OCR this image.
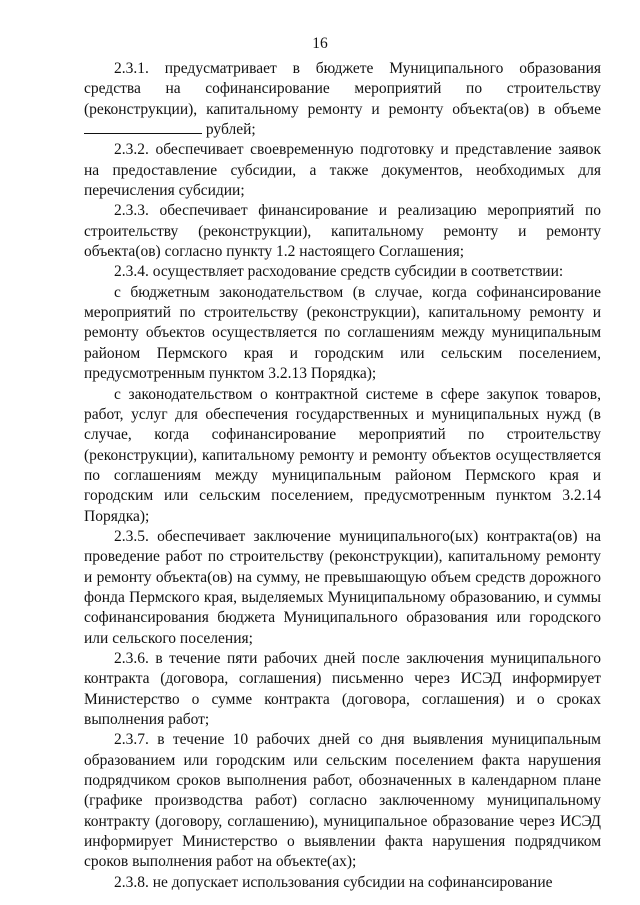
16

2.3.1. предусматривает в бюджете Муниципального образования средства на софинансирование мероприятий по строительству (реконструкции), капитальному ремонту и ремонту объекта(ов) в объеме  рублей;

2.3.2. обеспечивает своевременную подготовку и представление заявок на предоставление субсидии, а также документов, необходимых для перечисления субсидии;

2.3.3. обеспечивает финансирование и реализацию мероприятий по строительству (реконструкции), капитальному ремонту и ремонту объекта(ов) согласно пункту 1.2 настоящего Соглашения;

2.3.4. осуществляет расходование средств субсидии в соответствии:

с бюджетным законодательством (в случае, когда софинансирование мероприятий по строительству (реконструкции), капитальному ремонту и ремонту объектов осуществляется по соглашениям между муниципальным районом Пермского края и городским или сельским поселением, предусмотренным пунктом 3.2.13 Порядка);

с законодательством о контрактной системе в сфере закупок товаров, работ, услуг для обеспечения государственных и муниципальных нужд (в случае, когда софинансирование мероприятий по строительству (реконструкции), капитальному ремонту и ремонту объектов осуществляется по соглашениям между муниципальным районом Пермского края и городским или сельским поселением, предусмотренным пунктом 3.2.14 Порядка);

2.3.5. обеспечивает заключение муниципального(ых) контракта(ов) на проведение работ по строительству (реконструкции), капитальному ремонту и ремонту объекта(ов) на сумму, не превышающую объем средств дорожного фонда Пермского края, выделяемых Муниципальному образованию, и суммы софинансирования бюджета Муниципального образования или городского или сельского поселения;

2.3.6. в течение пяти рабочих дней после заключения муниципального контракта (договора, соглашения) письменно через ИСЭД информирует Министерство о сумме контракта (договора, соглашения) и о сроках выполнения работ;

2.3.7. в течение 10 рабочих дней со дня выявления муниципальным образованием или городским или сельским поселением факта нарушения подрядчиком сроков выполнения работ, обозначенных в календарном плане (графике производства работ) согласно заключенному муниципальному контракту (договору, соглашению), муниципальное образование через ИСЭД информирует Министерство о выявлении факта нарушения подрядчиком сроков выполнения работ на объекте(ах);

2.3.8. не допускает использования субсидии на софинансирование
